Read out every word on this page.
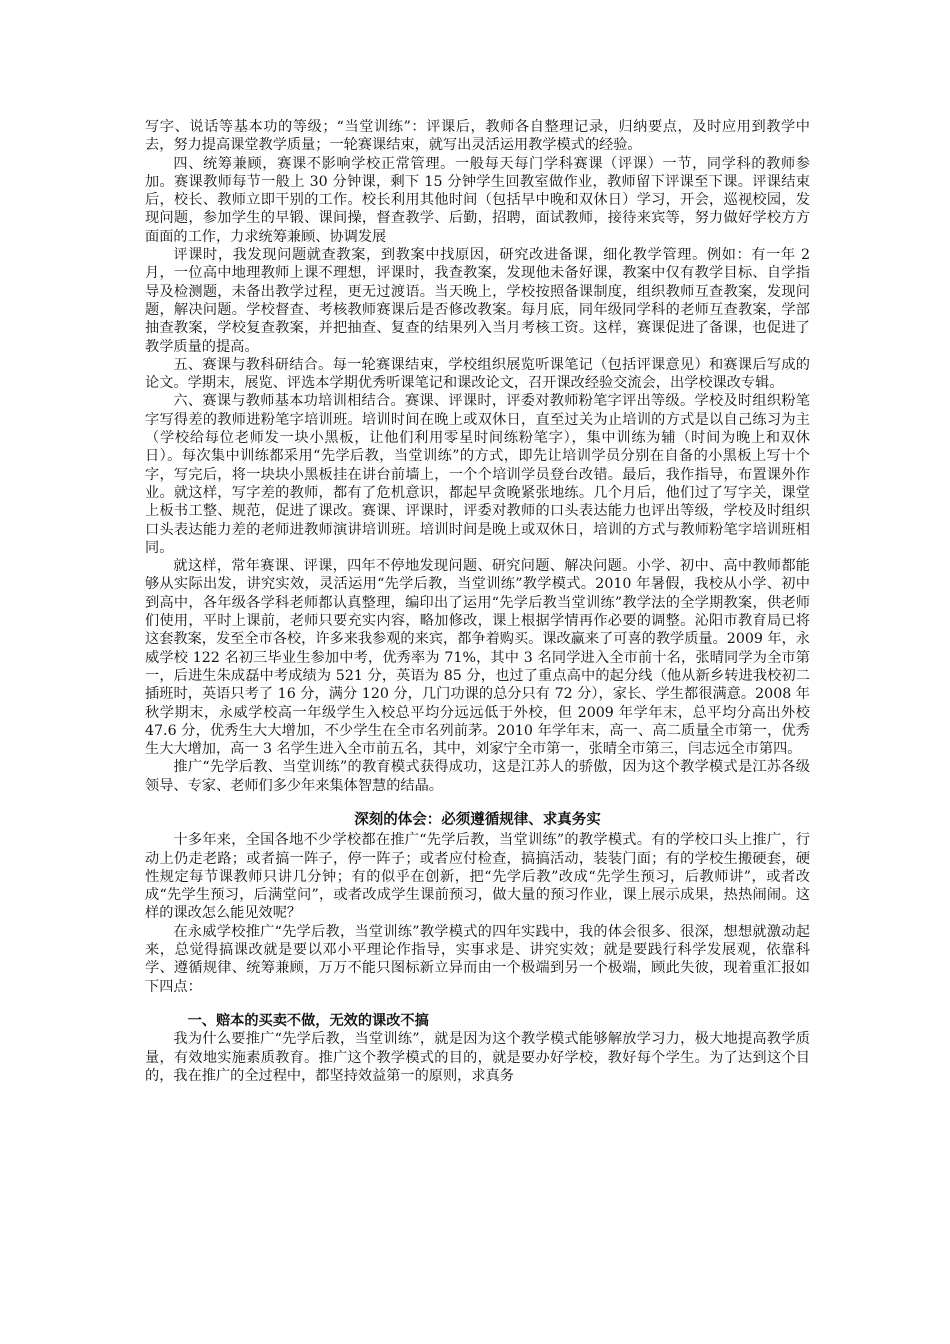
写字、说话等基本功的等级；“当堂训练”：评课后，教师各自整理记录，归纳要点，及时应用到教学中去，努力提高课堂教学质量；一轮赛课结束，就写出灵活运用教学模式的经验。

四、统筹兼顾，赛课不影响学校正常管理。一般每天每门学科赛课（评课）一节，同学科的教师参加。赛课教师每节一般上 30 分钟课，剩下 15 分钟学生回教室做作业，教师留下评课至下课。评课结束后，校长、教师立即干别的工作。校长利用其他时间（包括早中晚和双休日）学习，开会，巡视校园，发现问题，参加学生的早锻、课间操，督查教学、后勤，招聘，面试教师，接待来宾等，努力做好学校方方面面的工作，力求统筹兼顾、协调发展

评课时，我发现问题就查教案，到教案中找原因，研究改进备课，细化教学管理。例如：有一年 2 月，一位高中地理教师上课不理想，评课时，我查教案，发现他未备好课，教案中仅有教学目标、自学指导及检测题，未备出教学过程，更无过渡语。当天晚上，学校按照备课制度，组织教师互查教案，发现问题，解决问题。学校督查、考核教师赛课后是否修改教案。每月底，同年级同学科的老师互查教案，学部抽查教案，学校复查教案，并把抽查、复查的结果列入当月考核工资。这样，赛课促进了备课，也促进了教学质量的提高。

五、赛课与教科研结合。每一轮赛课结束，学校组织展览听课笔记（包括评课意见）和赛课后写成的论文。学期末，展览、评选本学期优秀听课笔记和课改论文，召开课改经验交流会，出学校课改专辑。

六、赛课与教师基本功培训相结合。赛课、评课时，评委对教师粉笔字评出等级。学校及时组织粉笔字写得差的教师进粉笔字培训班。培训时间在晚上或双休日，直至过关为止培训的方式是以自己练习为主（学校给每位老师发一块小黑板，让他们利用零星时间练粉笔字），集中训练为辅（时间为晚上和双休日）。每次集中训练都采用“先学后教，当堂训练”的方式，即先让培训学员分别在自备的小黑板上写十个字，写完后，将一块块小黑板挂在讲台前墙上，一个个培训学员登台改错。最后，我作指导，布置课外作业。就这样，写字差的教师，都有了危机意识，都起早贪晚紧张地练。几个月后，他们过了写字关，课堂上板书工整、规范，促进了课改。赛课、评课时，评委对教师的口头表达能力也评出等级，学校及时组织口头表达能力差的老师进教师演讲培训班。培训时间是晚上或双休日，培训的方式与教师粉笔字培训班相同。

就这样，常年赛课、评课，四年不停地发现问题、研究问题、解决问题。小学、初中、高中教师都能够从实际出发，讲究实效，灵活运用“先学后教，当堂训练”教学模式。2010 年暑假，我校从小学、初中到高中，各年级各学科老师都认真整理，编印出了运用“先学后教当堂训练”教学法的全学期教案，供老师们使用，平时上课前，老师只要充实内容，略加修改，课上根据学情再作必要的调整。沁阳市教育局已将这套教案，发至全市各校，许多来我参观的来宾，都争着购买。课改赢来了可喜的教学质量。2009 年，永威学校 122 名初三毕业生参加中考，优秀率为 71%，其中 3 名同学进入全市前十名，张晴同学为全市第一，后进生朱成磊中考成绩为 521 分，英语为 85 分，也过了重点高中的起分线（他从新乡转进我校初二插班时，英语只考了 16 分，满分 120 分，几门功课的总分只有 72 分），家长、学生都很满意。2008 年秋学期末，永威学校高一年级学生入校总平均分远远低于外校，但 2009 年学年末，总平均分高出外校 47.6 分，优秀生大大增加，不少学生在全市名列前茅。2010 年学年末，高一、高二质量全市第一，优秀生大大增加，高一 3 名学生进入全市前五名，其中，刘家宁全市第一，张晴全市第三，闫志远全市第四。

推广“先学后教、当堂训练”的教育模式获得成功，这是江苏人的骄傲，因为这个教学模式是江苏各级领导、专家、老师们多少年来集体智慧的结晶。

深刻的体会：必须遵循规律、求真务实

十多年来，全国各地不少学校都在推广“先学后教，当堂训练”的教学模式。有的学校口头上推广，行动上仍走老路；或者搞一阵子，停一阵子；或者应付检查，搞搞活动，装装门面；有的学校生搬硬套，硬性规定每节课教师只讲几分钟；有的似乎在创新，把“先学后教”改成“先学生预习，后教师讲”，或者改成“先学生预习，后满堂问”，或者改成学生课前预习，做大量的预习作业，课上展示成果，热热闹闹。这样的课改怎么能见效呢？

在永威学校推广“先学后教，当堂训练”教学模式的四年实践中，我的体会很多、很深，想想就激动起来，总觉得搞课改就是要以邓小平理论作指导，实事求是、讲究实效；就是要践行科学发展观，依靠科学、遵循规律、统筹兼顾，万万不能只图标新立异而由一个极端到另一个极端，顾此失彼，现着重汇报如下四点：

一、赔本的买卖不做，无效的课改不搞

我为什么要推广“先学后教，当堂训练”，就是因为这个教学模式能够解放学习力，极大地提高教学质量，有效地实施素质教育。推广这个教学模式的目的，就是要办好学校，教好每个学生。为了达到这个目的，我在推广的全过程中，都坚持效益第一的原则，求真务
